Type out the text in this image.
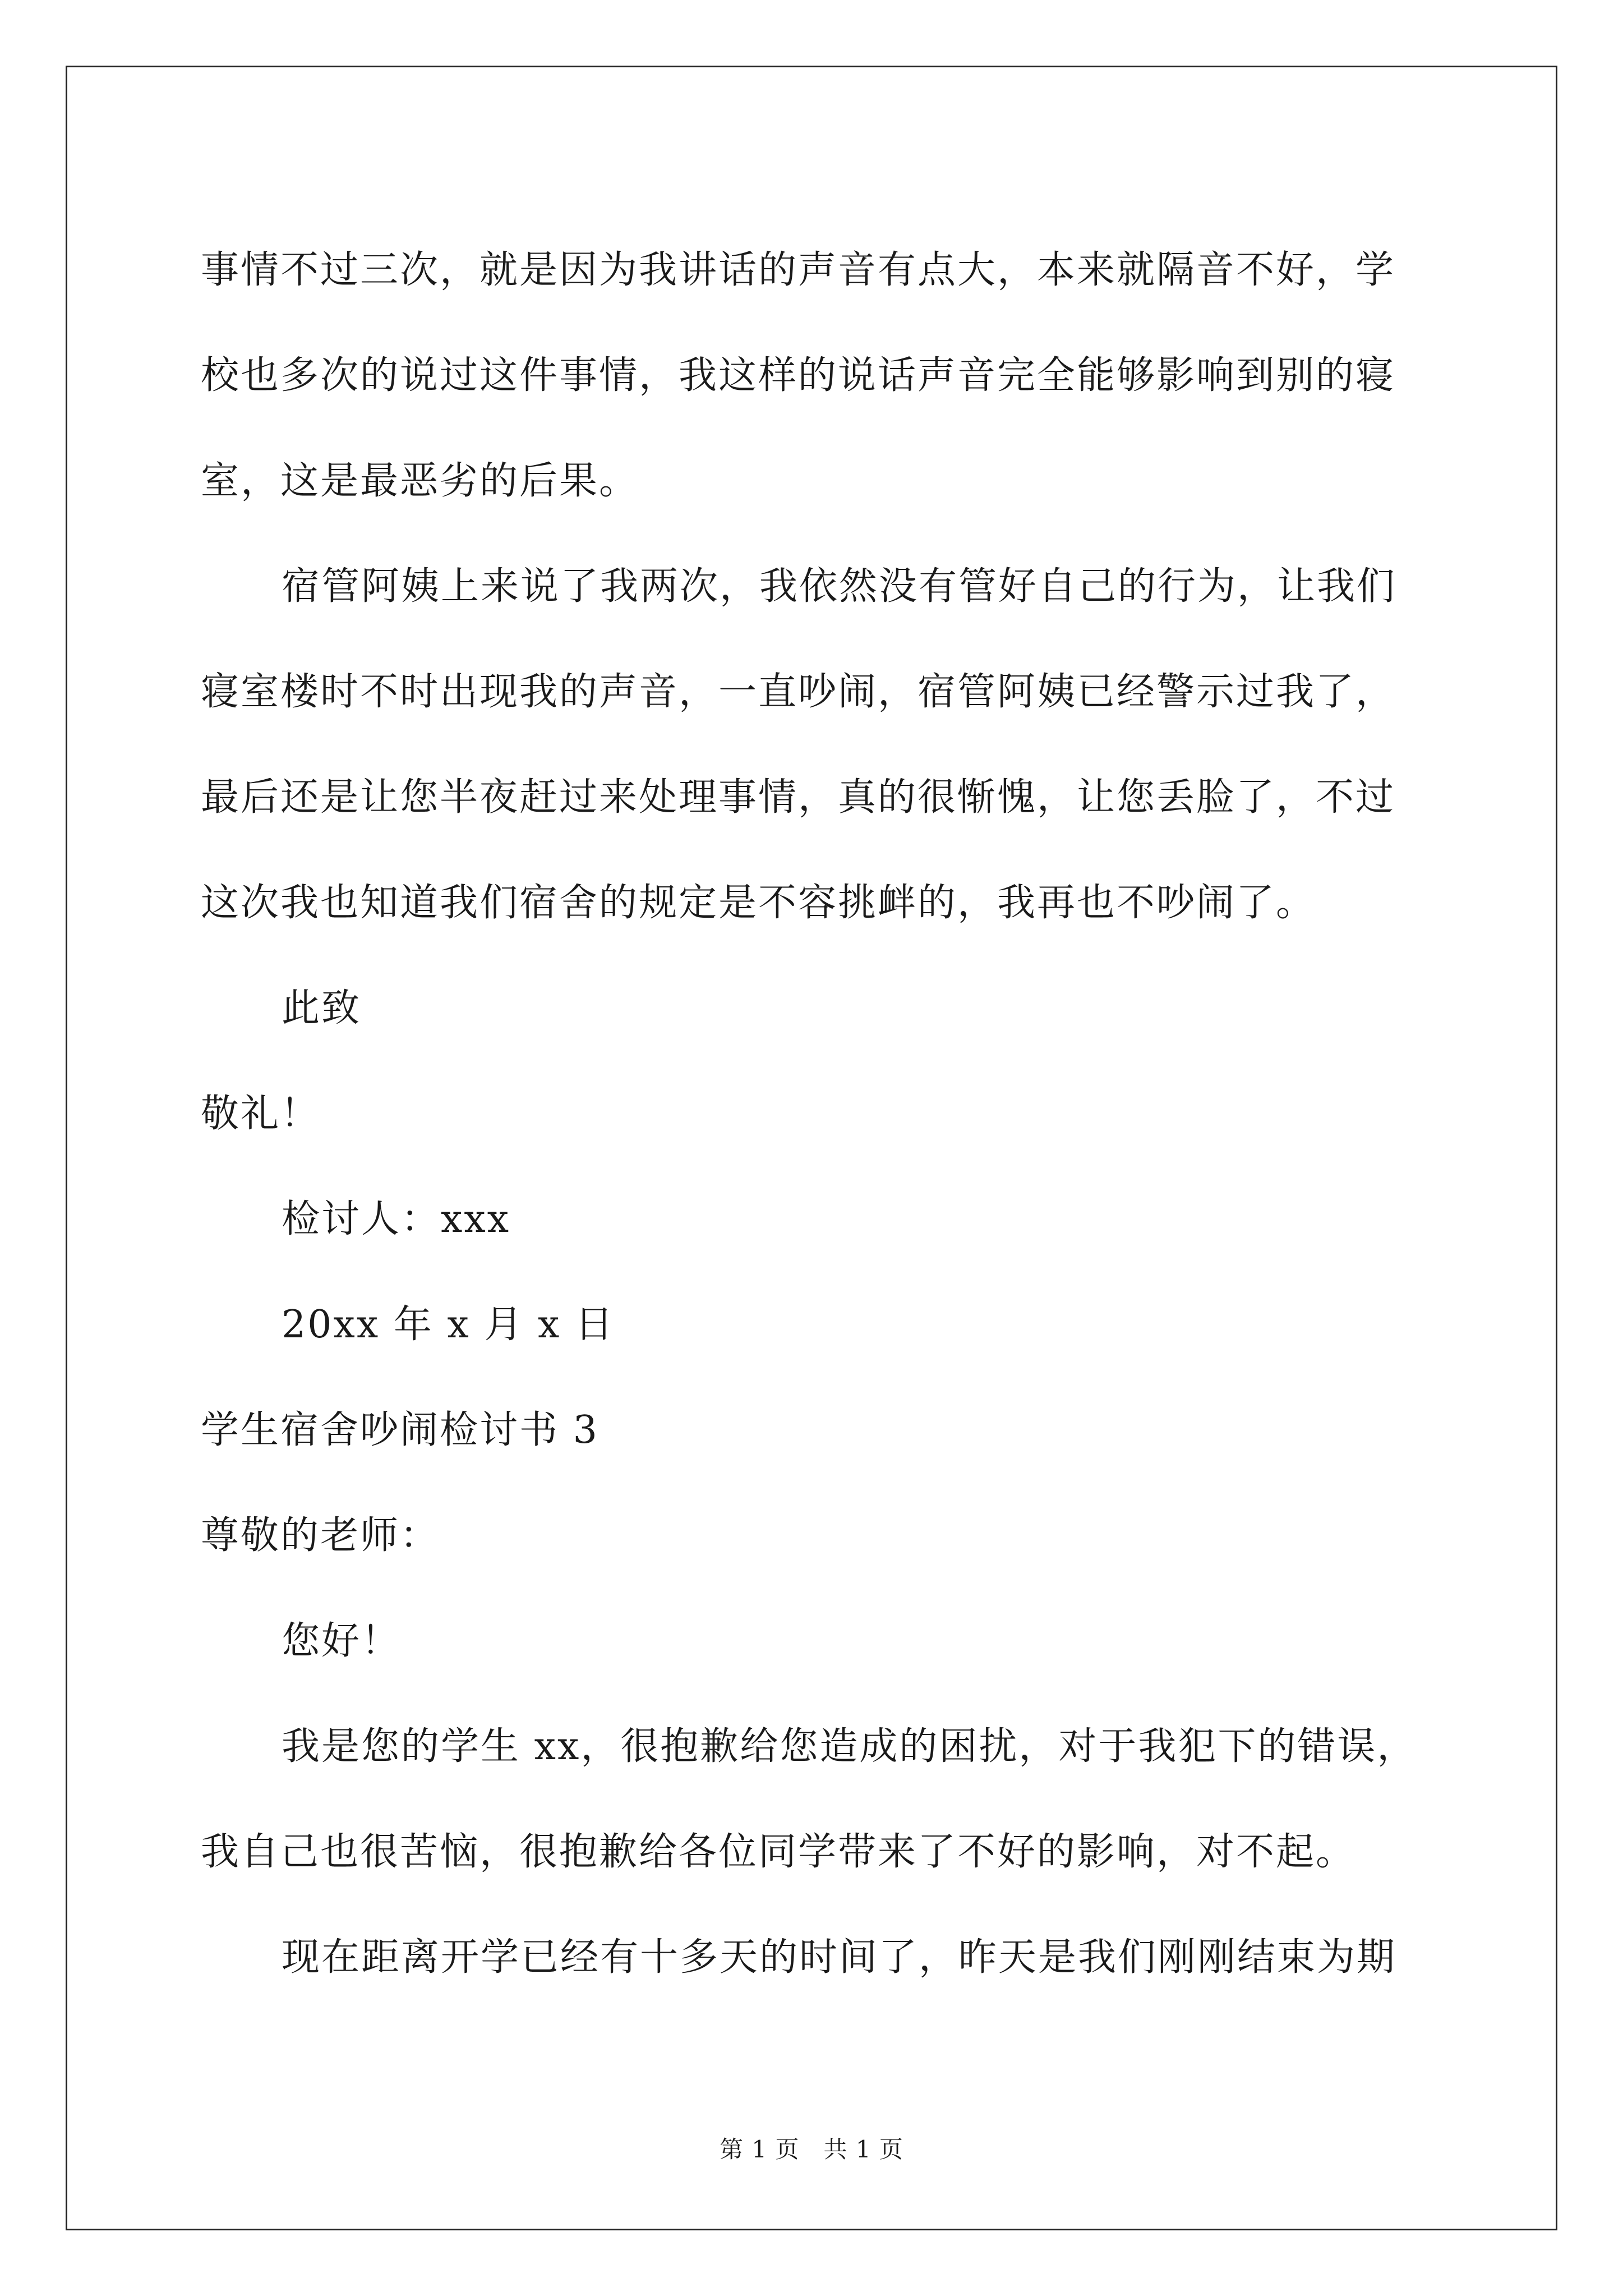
事情不过三次，就是因为我讲话的声音有点大，本来就隔音不好，学
校也多次的说过这件事情，我这样的说话声音完全能够影响到别的寝
室，这是最恶劣的后果。
宿管阿姨上来说了我两次，我依然没有管好自己的行为，让我们
寝室楼时不时出现我的声音，一直吵闹，宿管阿姨已经警示过我了，
最后还是让您半夜赶过来处理事情，真的很惭愧，让您丢脸了，不过
这次我也知道我们宿舍的规定是不容挑衅的，我再也不吵闹了。
此致
敬礼！
检讨人：xxx
20xx 年 x 月 x 日
学生宿舍吵闹检讨书 3
尊敬的老师：
您好！
我是您的学生 xx，很抱歉给您造成的困扰，对于我犯下的错误，
我自己也很苦恼，很抱歉给各位同学带来了不好的影响，对不起。
现在距离开学已经有十多天的时间了，昨天是我们刚刚结束为期
第 1 页　共 1 页
